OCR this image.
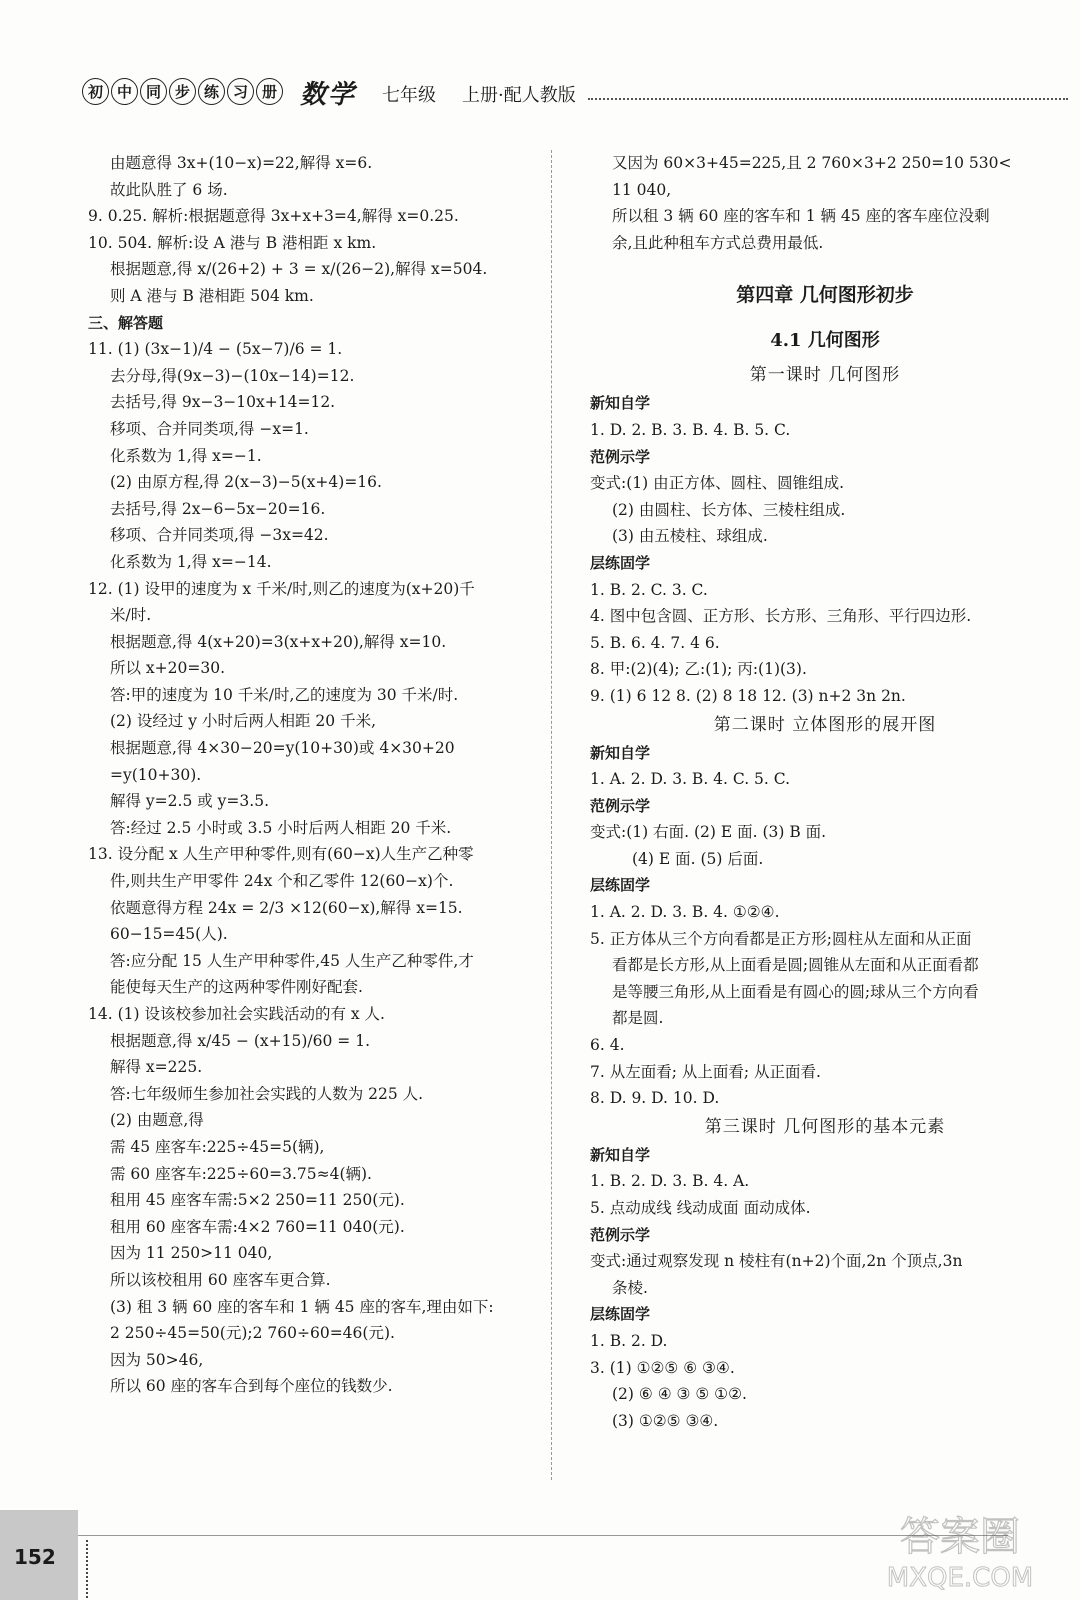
初 中 同 步 练 习 册 数学 七年级 上册·配人教版
由题意得 3x+(10−x)=22,解得 x=6.
故此队胜了 6 场.
9. 0.25. 解析:根据题意得 3x+x+3=4,解得 x=0.25.
10. 504. 解析:设 A 港与 B 港相距 x km.
根据题意,得 x/(26+2) + 3 = x/(26−2),解得 x=504.
则 A 港与 B 港相距 504 km.
三、解答题
11. (1) (3x−1)/4 − (5x−7)/6 = 1.
去分母,得(9x−3)−(10x−14)=12.
去括号,得 9x−3−10x+14=12.
移项、合并同类项,得 −x=1.
化系数为 1,得 x=−1.
(2) 由原方程,得 2(x−3)−5(x+4)=16.
去括号,得 2x−6−5x−20=16.
移项、合并同类项,得 −3x=42.
化系数为 1,得 x=−14.
12. (1) 设甲的速度为 x 千米/时,则乙的速度为(x+20)千
米/时.
根据题意,得 4(x+20)=3(x+x+20),解得 x=10.
所以 x+20=30.
答:甲的速度为 10 千米/时,乙的速度为 30 千米/时.
(2) 设经过 y 小时后两人相距 20 千米,
根据题意,得 4×30−20=y(10+30)或 4×30+20
=y(10+30).
解得 y=2.5 或 y=3.5.
答:经过 2.5 小时或 3.5 小时后两人相距 20 千米.
13. 设分配 x 人生产甲种零件,则有(60−x)人生产乙种零
件,则共生产甲零件 24x 个和乙零件 12(60−x)个.
依题意得方程 24x = 2/3 ×12(60−x),解得 x=15.
60−15=45(人).
答:应分配 15 人生产甲种零件,45 人生产乙种零件,才
能使每天生产的这两种零件刚好配套.
14. (1) 设该校参加社会实践活动的有 x 人.
根据题意,得 x/45 − (x+15)/60 = 1.
解得 x=225.
答:七年级师生参加社会实践的人数为 225 人.
(2) 由题意,得
需 45 座客车:225÷45=5(辆),
需 60 座客车:225÷60=3.75≈4(辆).
租用 45 座客车需:5×2 250=11 250(元).
租用 60 座客车需:4×2 760=11 040(元).
因为 11 250>11 040,
所以该校租用 60 座客车更合算.
(3) 租 3 辆 60 座的客车和 1 辆 45 座的客车,理由如下:
2 250÷45=50(元);2 760÷60=46(元).
因为 50>46,
所以 60 座的客车合到每个座位的钱数少.
又因为 60×3+45=225,且 2 760×3+2 250=10 530<
11 040,
所以租 3 辆 60 座的客车和 1 辆 45 座的客车座位没剩
余,且此种租车方式总费用最低.
第四章 几何图形初步
4.1 几何图形
第一课时 几何图形
新知自学
1. D. 2. B. 3. B. 4. B. 5. C.
范例示学
变式:(1) 由正方体、圆柱、圆锥组成.
(2) 由圆柱、长方体、三棱柱组成.
(3) 由五棱柱、球组成.
层练固学
1. B. 2. C. 3. C.
4. 图中包含圆、正方形、长方形、三角形、平行四边形.
5. B. 6. 4. 7. 4 6.
8. 甲:(2)(4); 乙:(1); 丙:(1)(3).
9. (1) 6 12 8. (2) 8 18 12. (3) n+2 3n 2n.
第二课时 立体图形的展开图
新知自学
1. A. 2. D. 3. B. 4. C. 5. C.
范例示学
变式:(1) 右面. (2) E 面. (3) B 面.
(4) E 面. (5) 后面.
层练固学
1. A. 2. D. 3. B. 4. ①②④.
5. 正方体从三个方向看都是正方形;圆柱从左面和从正面
看都是长方形,从上面看是圆;圆锥从左面和从正面看都
是等腰三角形,从上面看是有圆心的圆;球从三个方向看
都是圆.
6. 4.
7. 从左面看; 从上面看; 从正面看.
8. D. 9. D. 10. D.
第三课时 几何图形的基本元素
新知自学
1. B. 2. D. 3. B. 4. A.
5. 点动成线 线动成面 面动成体.
范例示学
变式:通过观察发现 n 棱柱有(n+2)个面,2n 个顶点,3n
条棱.
层练固学
1. B. 2. D.
3. (1) ①②⑤ ⑥ ③④.
(2) ⑥ ④ ③ ⑤ ①②.
(3) ①②⑤ ③④.
152	答案圈
MXQE.COM
